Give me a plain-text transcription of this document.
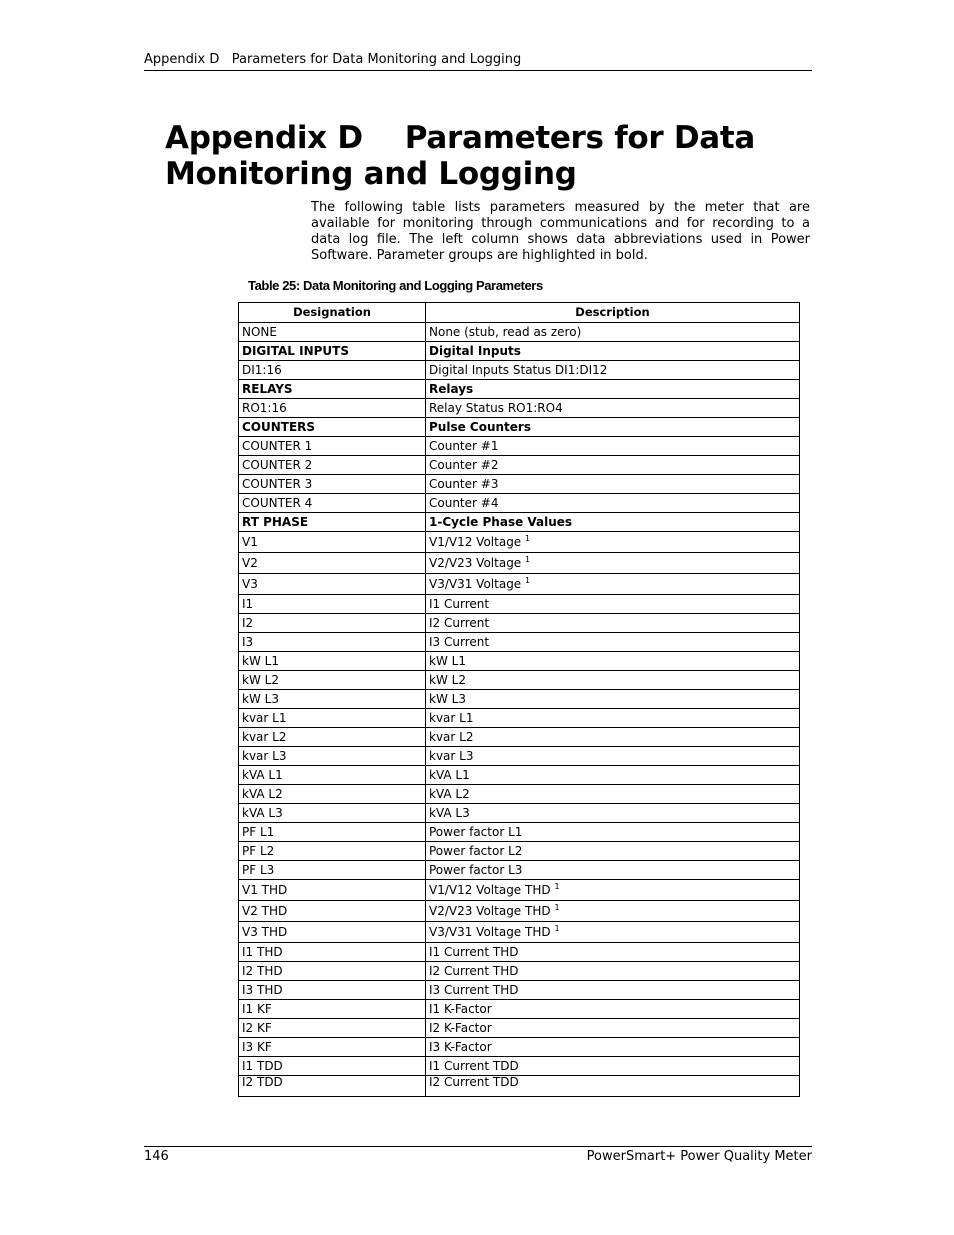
Appendix D   Parameters for Data Monitoring and Logging
Appendix D    Parameters for Data
Monitoring and Logging

The following table lists parameters measured by the meter that are available for monitoring through communications and for recording to a data log file. The left column shows data abbreviations used in Power Software. Parameter groups are highlighted in bold.

Table 25: Data Monitoring and Logging Parameters

Designation	Description
NONE	None (stub, read as zero)
DIGITAL INPUTS	Digital Inputs
DI1:16	Digital Inputs Status DI1:DI12
RELAYS	Relays
RO1:16	Relay Status RO1:RO4
COUNTERS	Pulse Counters
COUNTER 1	Counter #1
COUNTER 2	Counter #2
COUNTER 3	Counter #3
COUNTER 4	Counter #4
RT PHASE	1-Cycle Phase Values
V1	V1/V12 Voltage $^1$
V2	V2/V23 Voltage $^1$
V3	V3/V31 Voltage $^1$
I1	I1 Current
I2	I2 Current
I3	I3 Current
kW L1	kW L1
kW L2	kW L2
kW L3	kW L3
kvar L1	kvar L1
kvar L2	kvar L2
kvar L3	kvar L3
kVA L1	kVA L1
kVA L2	kVA L2
kVA L3	kVA L3
PF L1	Power factor L1
PF L2	Power factor L2
PF L3	Power factor L3
V1 THD	V1/V12 Voltage THD $^1$
V2 THD	V2/V23 Voltage THD $^1$
V3 THD	V3/V31 Voltage THD $^1$
I1 THD	I1 Current THD
I2 THD	I2 Current THD
I3 THD	I3 Current THD
I1 KF	I1 K-Factor
I2 KF	I2 K-Factor
I3 KF	I3 K-Factor
I1 TDD	I1 Current TDD
I2 TDD	I2 Current TDD
146	PowerSmart+ Power Quality Meter
